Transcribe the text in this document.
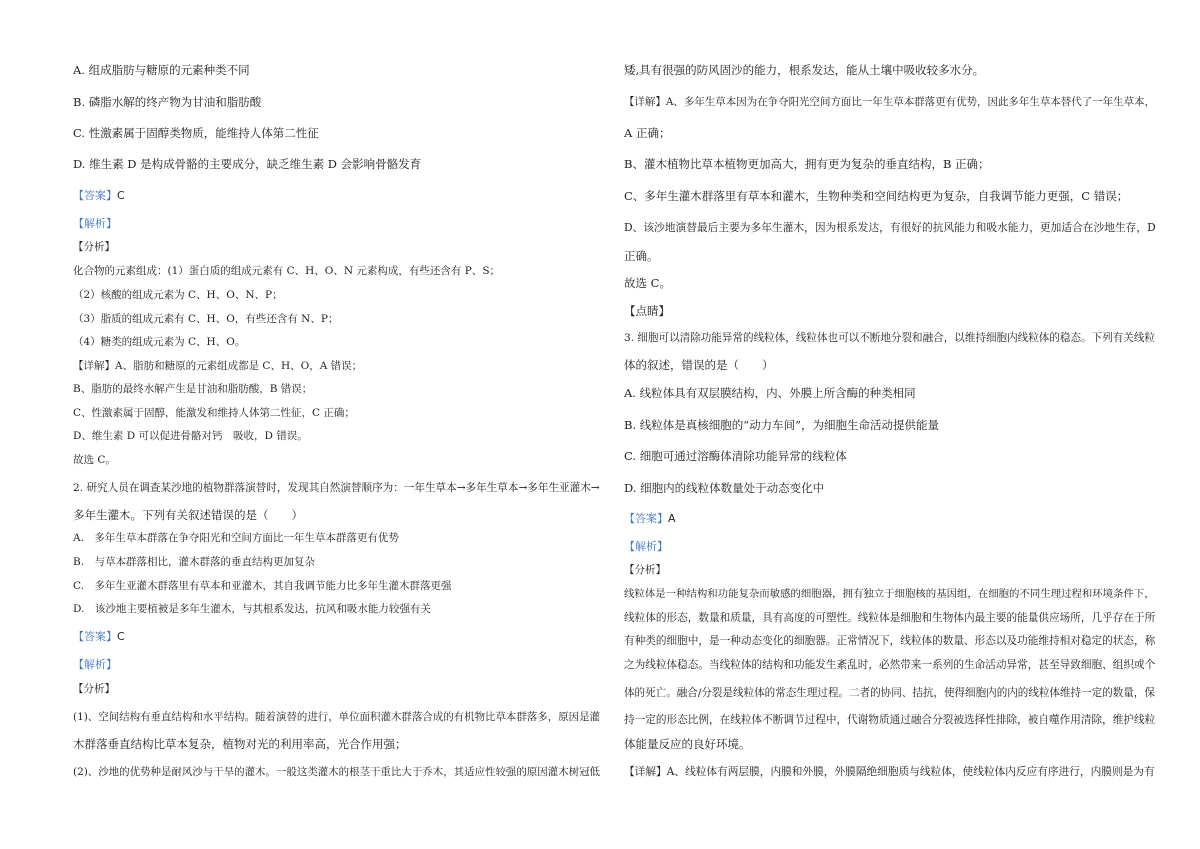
A. 组成脂肪与糖原的元素种类不同
B. 磷脂水解的终产物为甘油和脂肪酸
C. 性激素属于固醇类物质，能维持人体第二性征
D. 维生素 D 是构成骨骼的主要成分，缺乏维生素 D 会影响骨骼发育
【答案】C
【解析】
【分析】
化合物的元素组成：(1）蛋白质的组成元素有 C、H、O、N 元素构成，有些还含有 P、S；
（2）核酸的组成元素为 C、H、O、N、P；
（3）脂质的组成元素有 C、H、O，有些还含有 N、P；
（4）糖类的组成元素为 C、H、O。
【详解】A、脂肪和糖原的元素组成都是 C、H、O，A 错误；
B、脂肪的最终水解产生是甘油和脂肪酸，B 错误；
C、性激素属于固醇，能激发和维持人体第二性征，C 正确；
D、维生素 D 可以促进骨骼对钙　吸收，D 错误。
故选 C。
2. 研究人员在调查某沙地的植物群落演替时，发现其自然演替顺序为：一年生草本→多年生草本→多年生亚灌木→
多年生灌木。下列有关叙述错误的是（　　）
A.　多年生草本群落在争夺阳光和空间方面比一年生草本群落更有优势
B.　与草本群落相比，灌木群落的垂直结构更加复杂
C.　多年生亚灌木群落里有草本和亚灌木，其自我调节能力比多年生灌木群落更强
D.　该沙地主要植被是多年生灌木，与其根系发达，抗风和吸水能力较强有关
【答案】C
【解析】
【分析】
(1)、空间结构有垂直结构和水平结构。随着演替的进行，单位面积灌木群落合成的有机物比草本群落多，原因是灌
木群落垂直结构比草本复杂，植物对光的利用率高，光合作用强；
(2)、沙地的优势种是耐风沙与干旱的灌木。一般这类灌木的根茎干重比大于乔木，其适应性较强的原因灌木树冠低
矮,具有很强的防风固沙的能力，根系发达，能从土壤中吸收较多水分。
【详解】A、多年生草本因为在争夺阳光空间方面比一年生草本群落更有优势，因此多年生草本替代了一年生草本，
A 正确；
B、灌木植物比草本植物更加高大，拥有更为复杂的垂直结构，B 正确；
C、多年生灌木群落里有草本和灌木，生物种类和空间结构更为复杂，自我调节能力更强，C 错误；
D、该沙地演替最后主要为多年生灌木，因为根系发达，有很好的抗风能力和吸水能力，更加适合在沙地生存，D
正确。
故选 C。
【点睛】
3. 细胞可以清除功能异常的线粒体，线粒体也可以不断地分裂和融合，以维持细胞内线粒体的稳态。下列有关线粒
体的叙述，错误的是（　　）
A. 线粒体具有双层膜结构，内、外膜上所含酶的种类相同
B. 线粒体是真核细胞的“动力车间”，为细胞生命活动提供能量
C. 细胞可通过溶酶体清除功能异常的线粒体
D. 细胞内的线粒体数量处于动态变化中
【答案】A
【解析】
【分析】
线粒体是一种结构和功能复杂而敏感的细胞器，拥有独立于细胞核的基因组，在细胞的不同生理过程和环境条件下，
线粒体的形态，数量和质量，具有高度的可塑性。线粒体是细胞和生物体内最主要的能量供应场所，几乎存在于所
有种类的细胞中，是一种动态变化的细胞器。正常情况下，线粒体的数量、形态以及功能维持相对稳定的状态，称
之为线粒体稳态。当线粒体的结构和功能发生紊乱时，必然带来一系列的生命活动异常，甚至导致细胞、组织或个
体的死亡。融合/分裂是线粒体的常态生理过程。二者的协同、拮抗，使得细胞内的内的线粒体维持一定的数量，保
持一定的形态比例，在线粒体不断调节过程中，代谢物质通过融合分裂被选择性排除，被自噬作用清除，维护线粒
体能量反应的良好环境。
【详解】A、线粒体有两层膜，内膜和外膜，外膜隔绝细胞质与线粒体，使线粒体内反应有序进行，内膜则是为有
